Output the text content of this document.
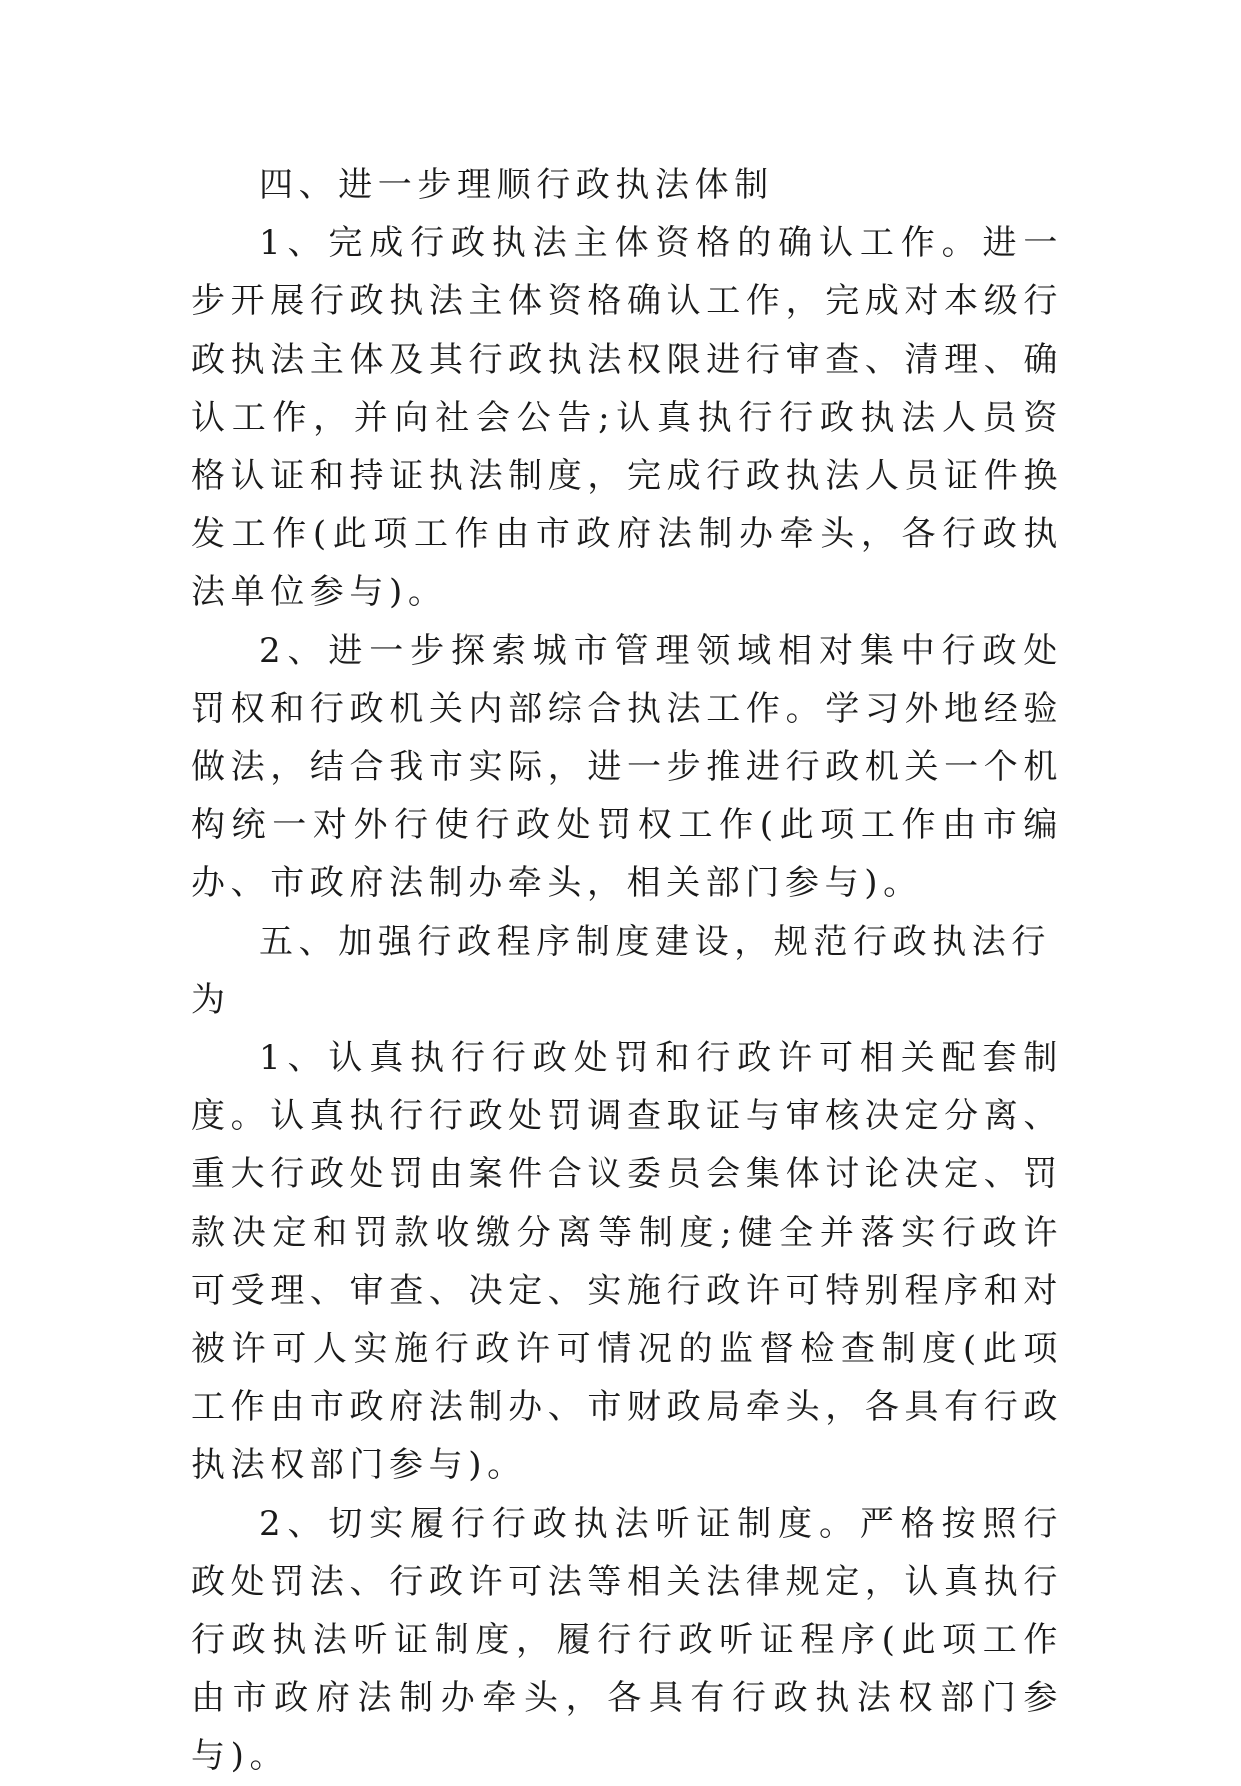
四、进一步理顺行政执法体制

1、完成行政执法主体资格的确认工作。进一步开展行政执法主体资格确认工作，完成对本级行政执法主体及其行政执法权限进行审查、清理、确认工作，并向社会公告;认真执行行政执法人员资格认证和持证执法制度，完成行政执法人员证件换发工作(此项工作由市政府法制办牵头，各行政执法单位参与)。

2、进一步探索城市管理领域相对集中行政处罚权和行政机关内部综合执法工作。学习外地经验做法，结合我市实际，进一步推进行政机关一个机构统一对外行使行政处罚权工作(此项工作由市编办、市政府法制办牵头，相关部门参与)。

五、加强行政程序制度建设，规范行政执法行为

1、认真执行行政处罚和行政许可相关配套制度。认真执行行政处罚调查取证与审核决定分离、重大行政处罚由案件合议委员会集体讨论决定、罚款决定和罚款收缴分离等制度;健全并落实行政许可受理、审查、决定、实施行政许可特别程序和对被许可人实施行政许可情况的监督检查制度(此项工作由市政府法制办、市财政局牵头，各具有行政执法权部门参与)。

2、切实履行行政执法听证制度。严格按照行政处罚法、行政许可法等相关法律规定，认真执行行政执法听证制度，履行行政听证程序(此项工作由市政府法制办牵头，各具有行政执法权部门参与)。
